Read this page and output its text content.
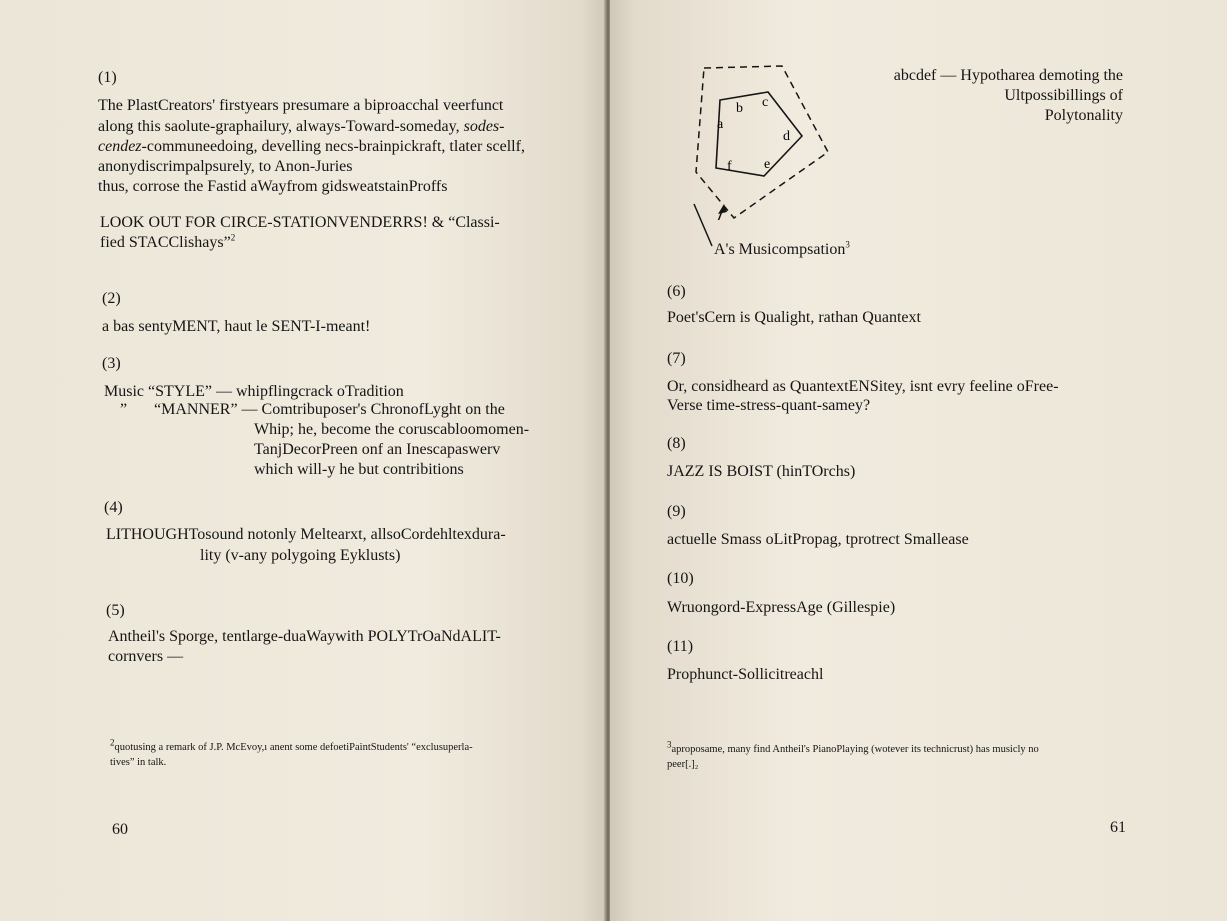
(1)

The PlastCreators' firstyears presumare a biproacchal veerfunct

along this saolute-graphailury, always-Toward-someday, sodes-

cendez-communeedoing, develling necs-brainpickraft, tlater scellf,

anonydiscrimpalpsurely, to Anon-Juries

thus, corrose the Fastid aWayfrom gidsweatstainProffs

LOOK OUT FOR CIRCE-STATIONVENDERRS! & “Classi-

fied STACClishays”$^2$

(2)

a bas sentyMENT, haut le SENT-I-meant!

(3)

Music “STYLE” — whipflingcrack oTradition

” “MANNER” — Comtribuposer's ChronofLyght on the

Whip; he, become the coruscabloomomen-

TanjDecorPreen onf an Inescapaswerv

which will-y he but contribitions

(4)

LITHOUGHTosound notonly Meltearxt, allsoCordehltexdura-

lity (v-any polygoing Eyklusts)

(5)

Antheil's Sporge, tentlarge-duaWaywith POLYTrOaNdALIT-

cornvers —

$^2$quotusing a remark of J.P. McEvoy,ı anent some defoetiPaintStudents' “exclusuperla-

tives” in talk.

60

a
b c
d
e
f

A's Musicompsation$^3$

abcdef — Hypotharea demoting the

Ultpossibillings of

Polytonality

(6)

Poet'sCern is Qualight, rathan Quantext

(7)

Or, considheard as QuantextENSitey, isnt evry feeline oFree-

Verse time-stress-quant-samey?

(8)

JAZZ IS BOIST (hinTOrchs)

(9)

actuelle Smass oLitPropag, tprotrect Smallease

(10)

Wruongord-ExpressAge (Gillespie)

(11)

Prophunct-Sollicitreachl

$^3$aproposame, many find Antheil's PianoPlaying (wotever its technicrust) has musicly no

peer[.]₂

61
